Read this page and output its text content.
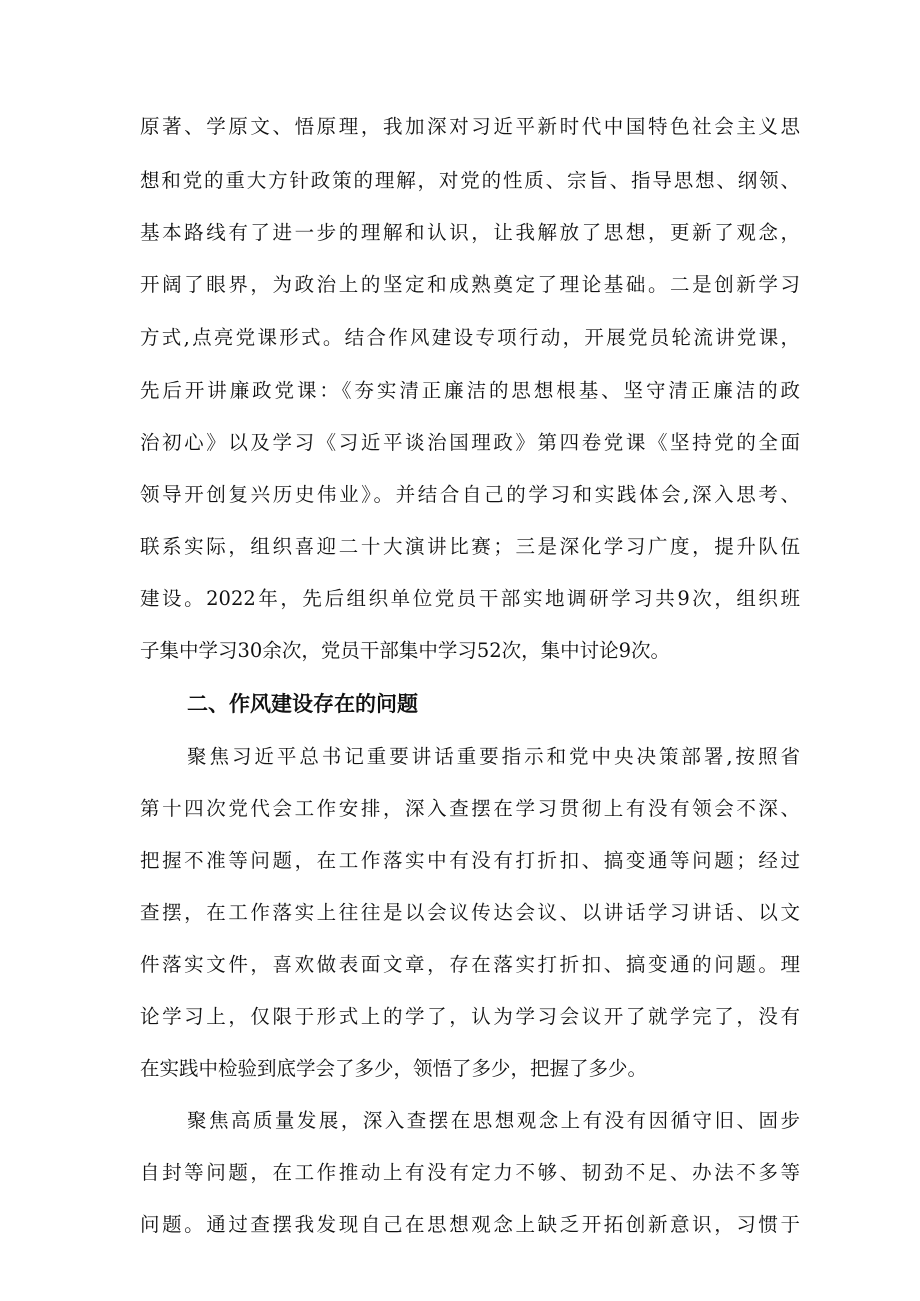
原著、学原文、悟原理，我加深对习近平新时代中国特色社会主义思
想和党的重大方针政策的理解，对党的性质、宗旨、指导思想、纲领、
基本路线有了进一步的理解和认识，让我解放了思想，更新了观念，
开阔了眼界，为政治上的坚定和成熟奠定了理论基础。二是创新学习
方式,点亮党课形式。结合作风建设专项行动，开展党员轮流讲党课，
先后开讲廉政党课：《夯实清正廉洁的思想根基、坚守清正廉洁的政
治初心》以及学习《习近平谈治国理政》第四卷党课《坚持党的全面
领导开创复兴历史伟业》。并结合自己的学习和实践体会,深入思考、
联系实际，组织喜迎二十大演讲比赛；三是深化学习广度，提升队伍
建设。2022年，先后组织单位党员干部实地调研学习共9次，组织班
子集中学习30余次，党员干部集中学习52次，集中讨论9次。
二、作风建设存在的问题
聚焦习近平总书记重要讲话重要指示和党中央决策部署,按照省
第十四次党代会工作安排，深入查摆在学习贯彻上有没有领会不深、
把握不准等问题，在工作落实中有没有打折扣、搞变通等问题；经过
查摆，在工作落实上往往是以会议传达会议、以讲话学习讲话、以文
件落实文件，喜欢做表面文章，存在落实打折扣、搞变通的问题。理
论学习上，仅限于形式上的学了，认为学习会议开了就学完了，没有
在实践中检验到底学会了多少，领悟了多少，把握了多少。
聚焦高质量发展，深入查摆在思想观念上有没有因循守旧、固步
自封等问题，在工作推动上有没有定力不够、韧劲不足、办法不多等
问题。通过查摆我发现自己在思想观念上缺乏开拓创新意识，习惯于
